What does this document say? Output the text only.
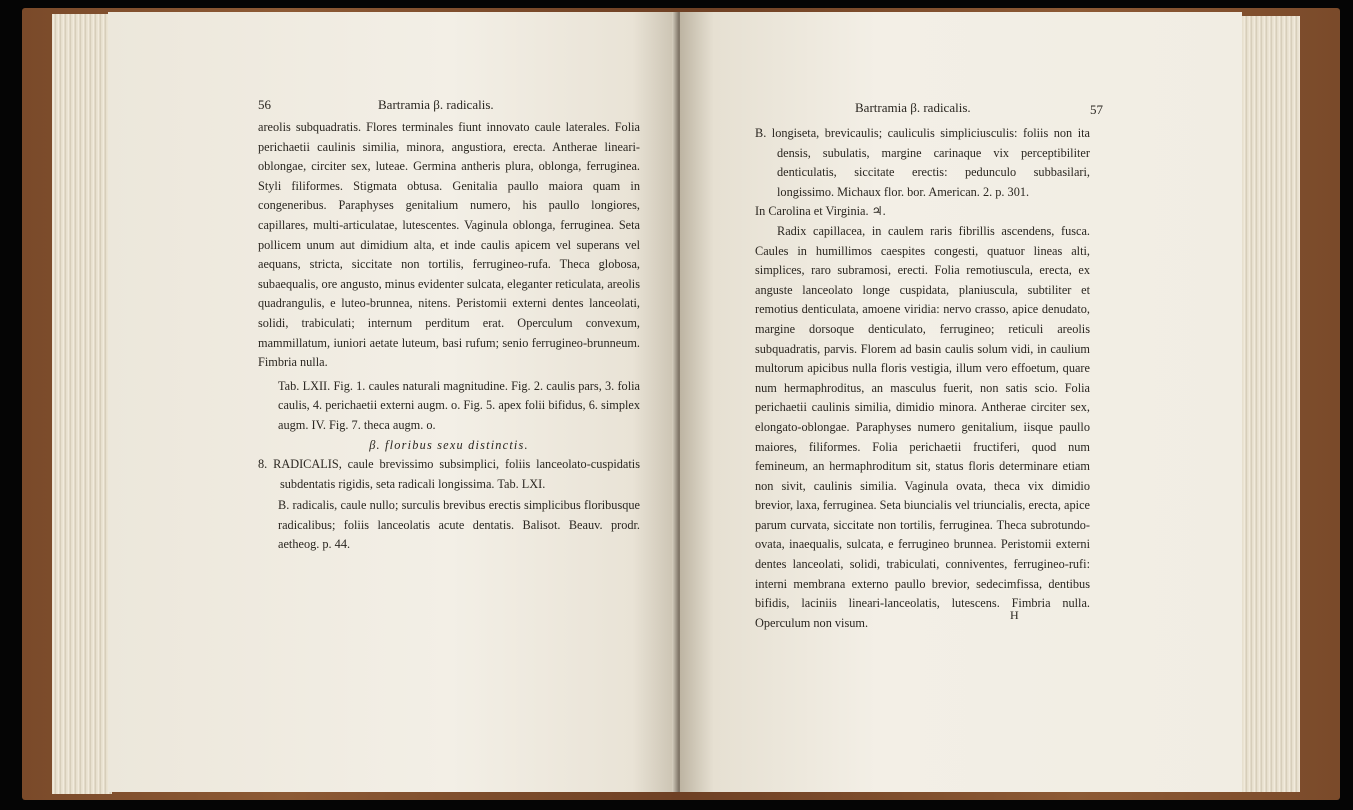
56	Bartramia β. radicalis.

areolis subquadratis. Flores terminales fiunt innovato caule laterales. Folia perichaetii caulinis similia, minora, angustiora, erecta. Antherae lineari-oblongae, circiter sex, luteae. Germina antheris plura, oblonga, ferruginea. Styli filiformes. Stigmata obtusa. Genitalia paullo maiora quam in congeneribus. Paraphyses genitalium numero, his paullo longiores, capillares, multi-articulatae, lutescentes. Vaginula oblonga, ferruginea. Seta pollicem unum aut dimidium alta, et inde caulis apicem vel superans vel aequans, stricta, siccitate non tortilis, ferrugineo-rufa. Theca globosa, subaequalis, ore angusto, minus evidenter sulcata, eleganter reticulata, areolis quadrangulis, e luteo-brunnea, nitens. Peristomii externi dentes lanceolati, solidi, trabiculati; internum perditum erat. Operculum convexum, mammillatum, iuniori aetate luteum, basi rufum; senio ferrugineo-brunneum. Fimbria nulla.

Tab. LXII. Fig. 1. caules naturali magnitudine. Fig. 2. caulis pars, 3. folia caulis, 4. perichaetii externi augm. o. Fig. 5. apex folii bifidus, 6. simplex augm. IV. Fig. 7. theca augm. o.

β. floribus sexu distinctis.

8. RADICALIS, caule brevissimo subsimplici, foliis lanceolato-cuspidatis subdentatis rigidis, seta radicali longissima. Tab. LXI.

B. radicalis, caule nullo; surculis brevibus erectis simplicibus floribusque radicalibus; foliis lanceolatis acute dentatis. Balisot. Beauv. prodr. aetheog. p. 44.

Bartramia β. radicalis.	57

B. longiseta, brevicaulis; cauliculis simpliciusculis: foliis non ita densis, subulatis, margine carinaque vix perceptibiliter denticulatis, siccitate erectis: pedunculo subbasilari, longissimo. Michaux flor. bor. American. 2. p. 301.

In Carolina et Virginia. ♃.

Radix capillacea, in caulem raris fibrillis ascendens, fusca. Caules in humillimos caespites congesti, quatuor lineas alti, simplices, raro subramosi, erecti. Folia remotiuscula, erecta, ex anguste lanceolato longe cuspidata, planiuscula, subtiliter et remotius denticulata, amoene viridia: nervo crasso, apice denudato, margine dorsoque denticulato, ferrugineo; reticuli areolis subquadratis, parvis. Florem ad basin caulis solum vidi, in caulium multorum apicibus nulla floris vestigia, illum vero effoetum, quare num hermaphroditus, an masculus fuerit, non satis scio. Folia perichaetii caulinis similia, dimidio minora. Antherae circiter sex, elongato-oblongae. Paraphyses numero genitalium, iisque paullo maiores, filiformes. Folia perichaetii fructiferi, quod num femineum, an hermaphroditum sit, status floris determinare etiam non sivit, caulinis similia. Vaginula ovata, theca vix dimidio brevior, laxa, ferruginea. Seta biuncialis vel triuncialis, erecta, apice parum curvata, siccitate non tortilis, ferruginea. Theca subrotundo-ovata, inaequalis, sulcata, e ferrugineo brunnea. Peristomii externi dentes lanceolati, solidi, trabiculati, conniventes, ferrugineo-rufi: interni membrana externo paullo brevior, sedecimfissa, dentibus bifidis, laciniis lineari-lanceolatis, lutescens. Fimbria nulla. Operculum non visum.

H
